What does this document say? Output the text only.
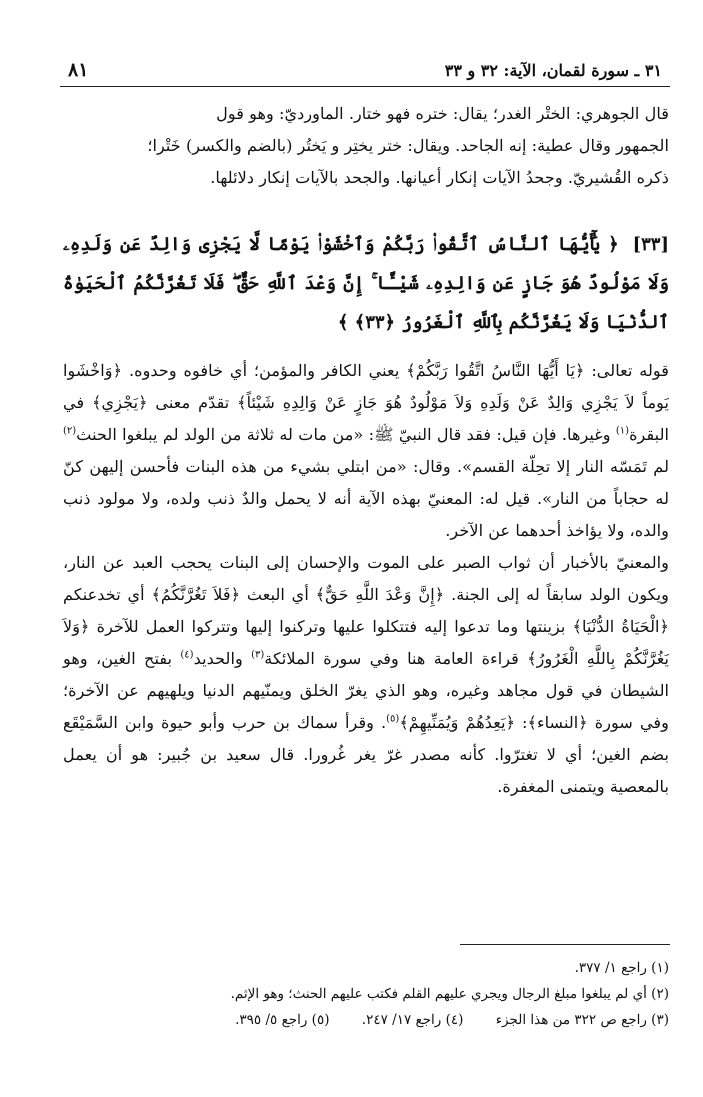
٨١	٣١ ـ سورة لقمان، الآية: ٣٢ و ٣٣

قال الجوهري: الختْر الغدر؛ يقال: ختره فهو ختار. الماورديّ: وهو قول

الجمهور وقال عطية: إنه الجاحد. ويقال: ختر يختِر و يَختُر (بالضم والكسر) خَتْرا؛

ذكره القُشيريّ. وجحدُ الآيات إنكار أعيانها. والجحد بالآيات إنكار دلائلها.

[٣٣] ﴿ يَٰٓأَيُّهَا ٱلنَّاسُ ٱتَّقُوا۟ رَبَّكُمْ وَٱخْشَوْا۟ يَوْمًا لَّا يَجْزِى وَالِدٌ عَن وَلَدِهِۦ وَلَا مَوْلُودٌ هُوَ جَازٍ عَن وَالِدِهِۦ شَيْـًٔا ۚ إِنَّ وَعْدَ ٱللَّهِ حَقٌّ ۖ فَلَا تَغُرَّنَّكُمُ ٱلْحَيَوٰةُ ٱلدُّنْيَا وَلَا يَغُرَّنَّكُم بِٱللَّهِ ٱلْغَرُورُ ﴿٣٣﴾ ﴾

قوله تعالى: ﴿يَا أَيُّهَا النَّاسُ اتَّقُوا رَبَّكُمْ﴾ يعني الكافر والمؤمن؛ أي خافوه وحدوه. ﴿وَاخْشَوا يَوماً لاَ يَجْزِي وَالِدٌ عَنْ وَلَدِهِ وَلاَ مَوْلُودٌ هُوَ جَازٍ عَنْ وَالِدِهِ شَيْئاً﴾ تقدّم معنى ﴿يَجْزِي﴾ في البقرة$^{(١)}$ وغيرها. فإن قيل: فقد قال النبيّ ﷺ: «من مات له ثلاثة من الولد لم يبلغوا الحنث$^{(٢)}$ لم تَمَسّه النار إلا تحِلّة القسم». وقال: «من ابتلي بشيء من هذه البنات فأحسن إليهن كنّ له حجاباً من النار». قيل له: المعنيّ بهذه الآية أنه لا يحمل والدٌ ذنب ولده، ولا مولود ذنب والده، ولا يؤاخذ أحدهما عن الآخر.

والمعنيّ بالأخبار أن ثواب الصبر على الموت والإحسان إلى البنات يحجب العبد عن النار، ويكون الولد سابقاً له إلى الجنة. ﴿إِنَّ وَعْدَ اللَّهِ حَقٌّ﴾ أي البعث ﴿فَلاَ تَغُرَّنَّكُمُ﴾ أي تخدعنكم ﴿الْحَيَاةُ الدُّنْيَا﴾ بزينتها وما تدعوا إليه فتتكلوا عليها وتركنوا إليها وتتركوا العمل للآخرة ﴿وَلاَ يَغُرَّنَّكُمْ بِاللَّهِ الْغَرُورُ﴾ قراءة العامة هنا وفي سورة الملائكة$^{(٣)}$ والحديد$^{(٤)}$ بفتح الغين، وهو الشيطان في قول مجاهد وغيره، وهو الذي يغرّ الخلق ويمنّيهم الدنيا ويلهيهم عن الآخرة؛ وفي سورة ﴿النساء﴾: ﴿يَعِدُهُمْ وَيُمَنِّيهِمْ﴾$^{(٥)}$. وقرأ سماك بن حرب وأبو حيوة وابن السَّمَيْقَع بضم الغين؛ أي لا تغترّوا. كأنه مصدر غرّ يغر غُرورا. قال سعيد بن جُبير: هو أن يعمل بالمعصية ويتمنى المغفرة.

(١) راجع ١/ ٣٧٧.
(٢) أي لم يبلغوا مبلغ الرجال ويجري عليهم القلم فكتب عليهم الحنث؛ وهو الإثم.
(٣) راجع ص ٣٢٢ من هذا الجزء (٤) راجع ١٧/ ٢٤٧. (٥) راجع ٥/ ٣٩٥.
